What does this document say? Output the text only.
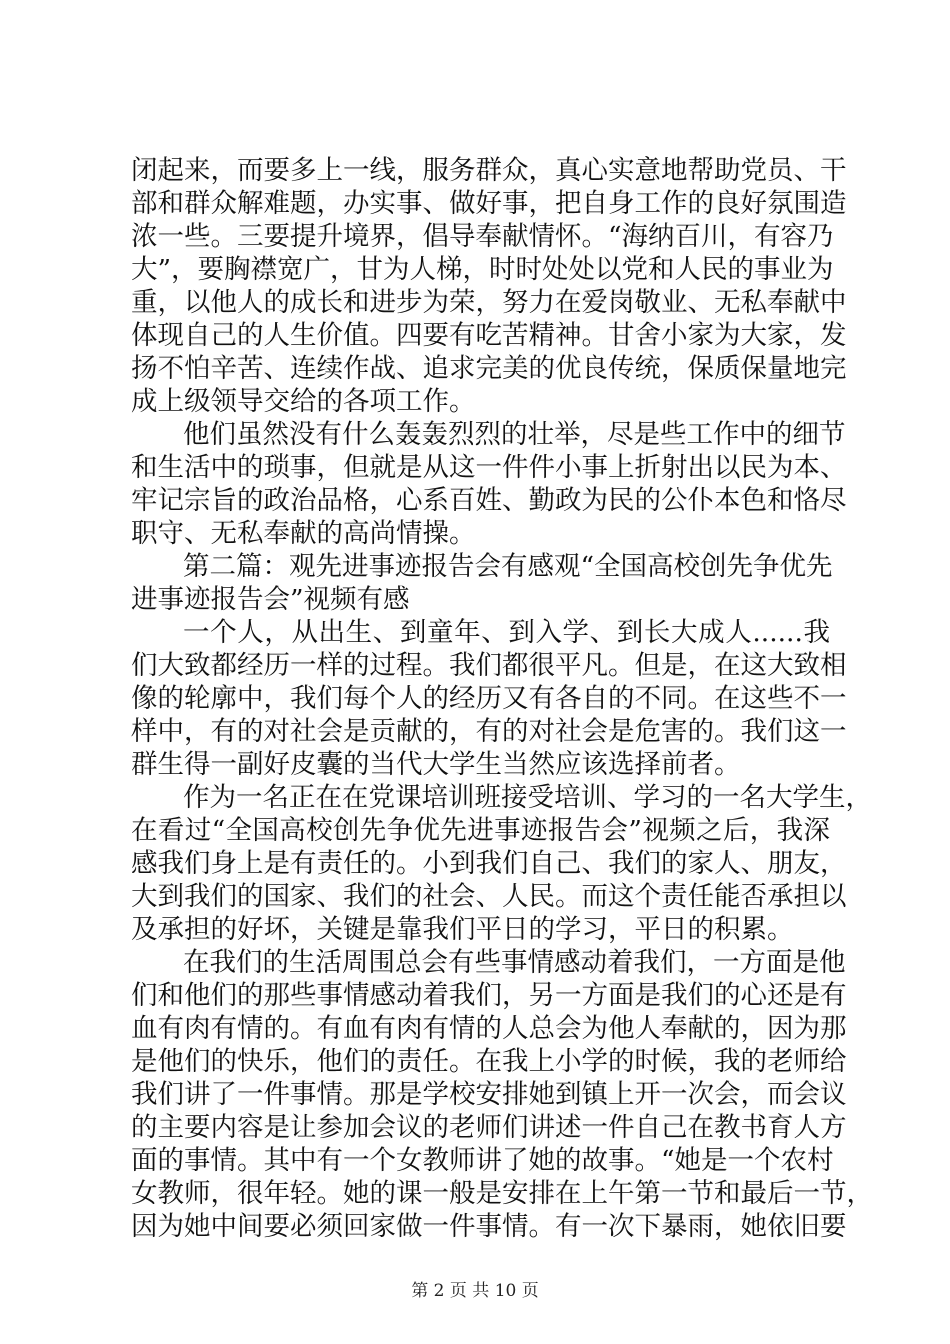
闭起来，而要多上一线，服务群众，真心实意地帮助党员、干
部和群众解难题，办实事、做好事，把自身工作的良好氛围造
浓一些。三要提升境界，倡导奉献情怀。“海纳百川，有容乃
大”，要胸襟宽广，甘为人梯，时时处处以党和人民的事业为
重，以他人的成长和进步为荣，努力在爱岗敬业、无私奉献中
体现自己的人生价值。四要有吃苦精神。甘舍小家为大家，发
扬不怕辛苦、连续作战、追求完美的优良传统，保质保量地完
成上级领导交给的各项工作。
他们虽然没有什么轰轰烈烈的壮举，尽是些工作中的细节
和生活中的琐事，但就是从这一件件小事上折射出以民为本、
牢记宗旨的政治品格，心系百姓、勤政为民的公仆本色和恪尽
职守、无私奉献的高尚情操。
第二篇：观先进事迹报告会有感观“全国高校创先争优先
进事迹报告会”视频有感
一个人，从出生、到童年、到入学、到长大成人......我
们大致都经历一样的过程。我们都很平凡。但是，在这大致相
像的轮廓中，我们每个人的经历又有各自的不同。在这些不一
样中，有的对社会是贡献的，有的对社会是危害的。我们这一
群生得一副好皮囊的当代大学生当然应该选择前者。
作为一名正在在党课培训班接受培训、学习的一名大学生，
在看过“全国高校创先争优先进事迹报告会”视频之后，我深
感我们身上是有责任的。小到我们自己、我们的家人、朋友，
大到我们的国家、我们的社会、人民。而这个责任能否承担以
及承担的好坏，关键是靠我们平日的学习，平日的积累。
在我们的生活周围总会有些事情感动着我们，一方面是他
们和他们的那些事情感动着我们，另一方面是我们的心还是有
血有肉有情的。有血有肉有情的人总会为他人奉献的，因为那
是他们的快乐，他们的责任。在我上小学的时候，我的老师给
我们讲了一件事情。那是学校安排她到镇上开一次会，而会议
的主要内容是让参加会议的老师们讲述一件自己在教书育人方
面的事情。其中有一个女教师讲了她的故事。“她是一个农村
女教师，很年轻。她的课一般是安排在上午第一节和最后一节，
因为她中间要必须回家做一件事情。有一次下暴雨，她依旧要
第 2 页 共 10 页
